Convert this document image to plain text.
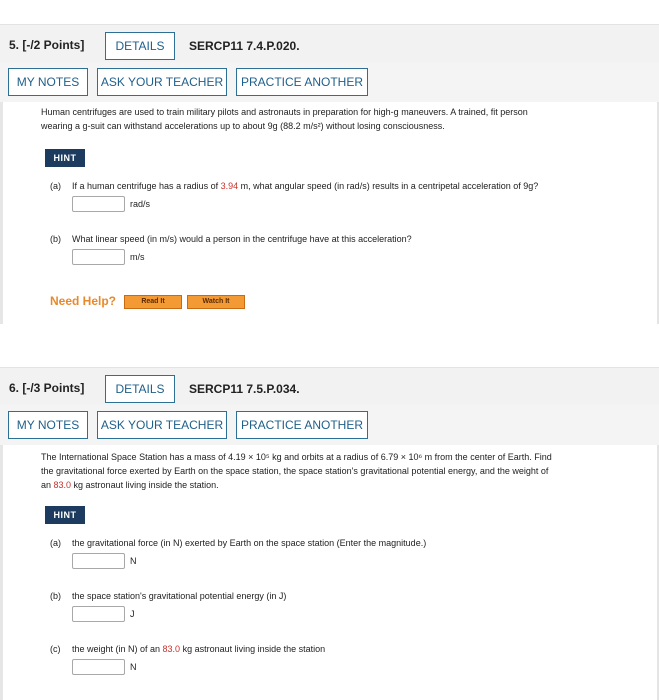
5. [-/2 Points]	DETAILS	SERCP11 7.4.P.020.
MY NOTES	ASK YOUR TEACHER	PRACTICE ANOTHER
Human centrifuges are used to train military pilots and astronauts in preparation for high-g maneuvers. A trained, fit person
wearing a g-suit can withstand accelerations up to about 9g (88.2 m/s²) without losing consciousness.
HINT
(a) If a human centrifuge has a radius of 3.94 m, what angular speed (in rad/s) results in a centripetal acceleration of 9g?
rad/s
(b) What linear speed (in m/s) would a person in the centrifuge have at this acceleration?
m/s
Need Help?	Read It	Watch It
6. [-/3 Points]	DETAILS	SERCP11 7.5.P.034.
MY NOTES	ASK YOUR TEACHER	PRACTICE ANOTHER
The International Space Station has a mass of 4.19 × 10⁵ kg and orbits at a radius of 6.79 × 10⁶ m from the center of Earth. Find
the gravitational force exerted by Earth on the space station, the space station's gravitational potential energy, and the weight of
an 83.0 kg astronaut living inside the station.
HINT
(a) the gravitational force (in N) exerted by Earth on the space station (Enter the magnitude.)
N
(b) the space station's gravitational potential energy (in J)
J
(c) the weight (in N) of an 83.0 kg astronaut living inside the station
N
